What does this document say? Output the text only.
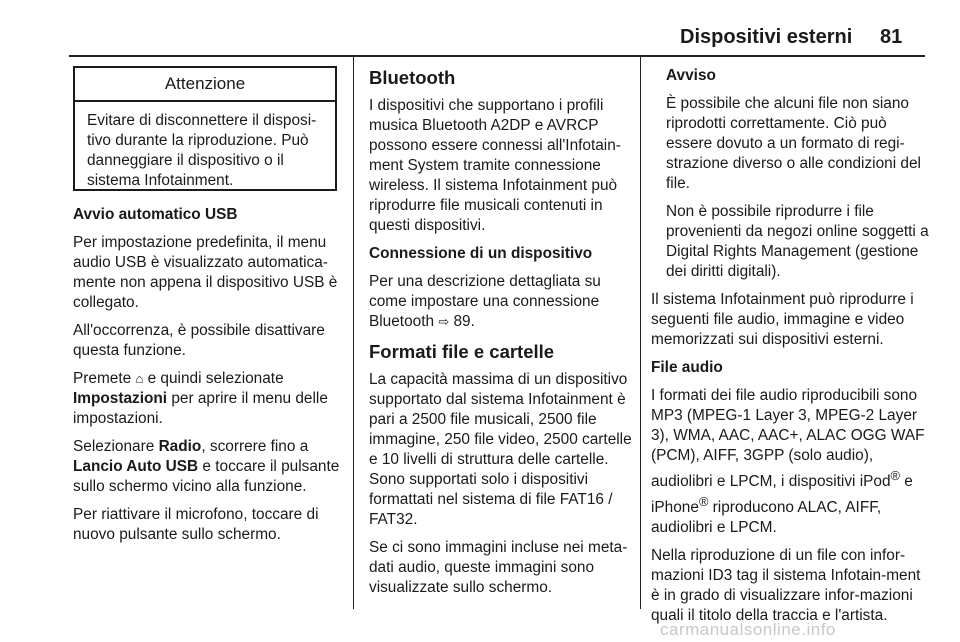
Dispositivi esterni 81
Attenzione
Evitare di disconnettere il disposi-tivo durante la riproduzione. Può danneggiare il dispositivo o il sistema Infotainment.

Avvio automatico USB

Per impostazione predefinita, il menu audio USB è visualizzato automatica-mente non appena il dispositivo USB è collegato.

All'occorrenza, è possibile disattivare questa funzione.

Premete ⌂ e quindi selezionate Impostazioni per aprire il menu delle impostazioni.

Selezionare Radio, scorrere fino a Lancio Auto USB e toccare il pulsante sullo schermo vicino alla funzione.

Per riattivare il microfono, toccare di nuovo pulsante sullo schermo.

Bluetooth

I dispositivi che supportano i profili musica Bluetooth A2DP e AVRCP possono essere connessi all'Infotain-ment System tramite connessione wireless. Il sistema Infotainment può riprodurre file musicali contenuti in questi dispositivi.

Connessione di un dispositivo

Per una descrizione dettagliata su come impostare una connessione Bluetooth ⇨ 89.

Formati file e cartelle

La capacità massima di un dispositivo supportato dal sistema Infotainment è pari a 2500 file musicali, 2500 file immagine, 250 file video, 2500 cartelle e 10 livelli di struttura delle cartelle. Sono supportati solo i dispositivi formattati nel sistema di file FAT16 / FAT32.

Se ci sono immagini incluse nei meta-dati audio, queste immagini sono visualizzate sullo schermo.

Avviso

È possibile che alcuni file non siano riprodotti correttamente. Ciò può essere dovuto a un formato di regi-strazione diverso o alle condizioni del file.

Non è possibile riprodurre i file provenienti da negozi online soggetti a Digital Rights Management (gestione dei diritti digitali).

Il sistema Infotainment può riprodurre i seguenti file audio, immagine e video memorizzati sui dispositivi esterni.

File audio

I formati dei file audio riproducibili sono MP3 (MPEG-1 Layer 3, MPEG-2 Layer 3), WMA, AAC, AAC+, ALAC OGG WAF (PCM), AIFF, 3GPP (solo audio), audiolibri e LPCM, i dispositivi iPod® e iPhone® riproducono ALAC, AIFF, audiolibri e LPCM.

Nella riproduzione di un file con infor-mazioni ID3 tag il sistema Infotain-ment è in grado di visualizzare infor-mazioni quali il titolo della traccia e l'artista.

carmanualsonline.info
